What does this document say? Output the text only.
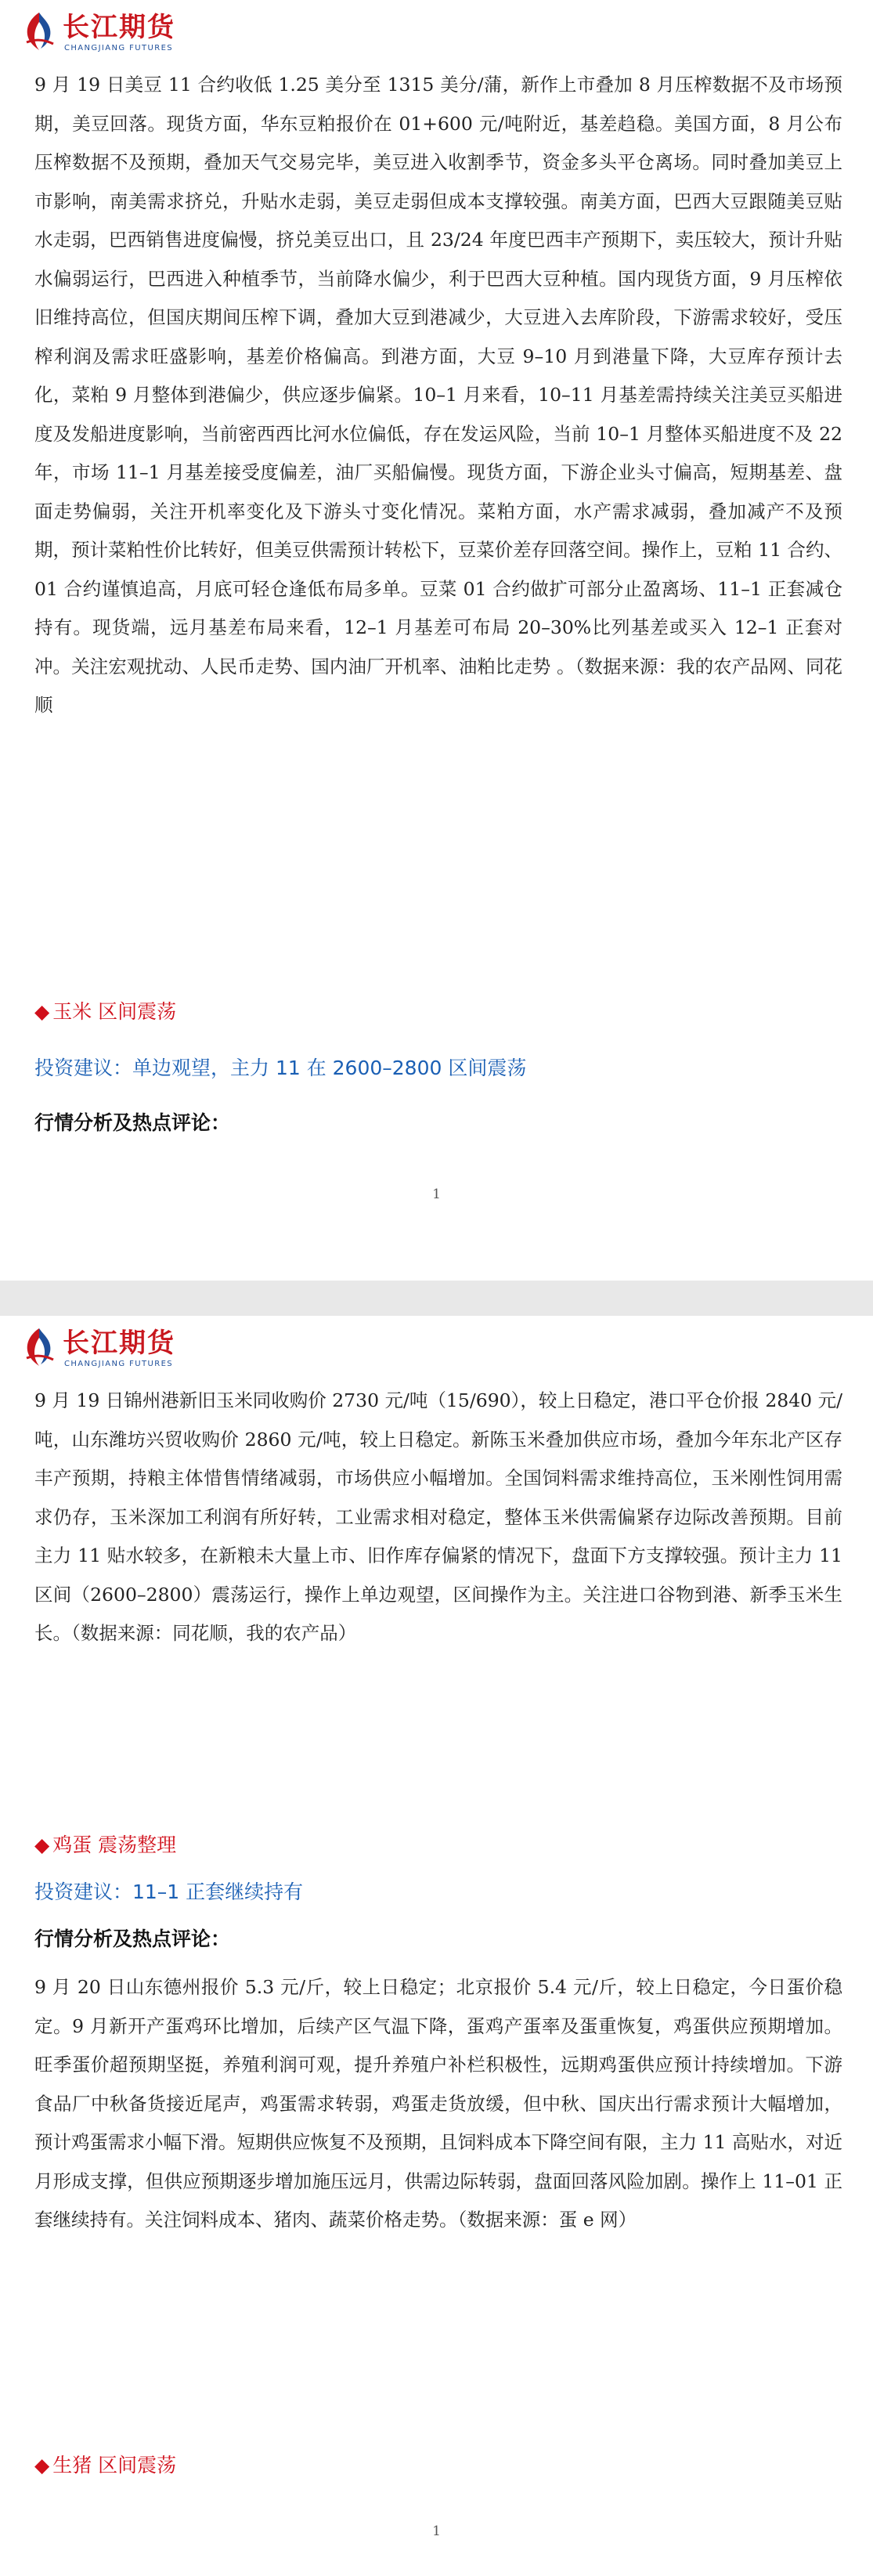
长江期货
CHANGJIANG FUTURES

9 月 19 日美豆 11 合约收低 1.25 美分至 1315 美分/蒲，新作上市叠加 8 月压榨数据不及市场预期，美豆回落。现货方面，华东豆粕报价在 01+600 元/吨附近，基差趋稳。美国方面，8 月公布压榨数据不及预期，叠加天气交易完毕，美豆进入收割季节，资金多头平仓离场。同时叠加美豆上市影响，南美需求挤兑，升贴水走弱，美豆走弱但成本支撑较强。南美方面，巴西大豆跟随美豆贴水走弱，巴西销售进度偏慢，挤兑美豆出口，且 23/24 年度巴西丰产预期下，卖压较大，预计升贴水偏弱运行，巴西进入种植季节，当前降水偏少，利于巴西大豆种植。国内现货方面，9 月压榨依旧维持高位，但国庆期间压榨下调，叠加大豆到港减少，大豆进入去库阶段，下游需求较好，受压榨利润及需求旺盛影响，基差价格偏高。到港方面，大豆 9–10 月到港量下降，大豆库存预计去化，菜粕 9 月整体到港偏少，供应逐步偏紧。10–1 月来看，10–11 月基差需持续关注美豆买船进度及发船进度影响，当前密西西比河水位偏低，存在发运风险，当前 10–1 月整体买船进度不及 22 年，市场 11–1 月基差接受度偏差，油厂买船偏慢。现货方面，下游企业头寸偏高，短期基差、盘面走势偏弱，关注开机率变化及下游头寸变化情况。菜粕方面，水产需求减弱，叠加减产不及预期，预计菜粕性价比转好，但美豆供需预计转松下，豆菜价差存回落空间。操作上，豆粕 11 合约、01 合约谨慎追高，月底可轻仓逢低布局多单。豆菜 01 合约做扩可部分止盈离场、11–1 正套减仓持有。现货端，远月基差布局来看，12–1 月基差可布局 20–30%比列基差或买入 12–1 正套对冲。关注宏观扰动、人民币走势、国内油厂开机率、油粕比走势 。（数据来源：我的农产品网、同花顺

◆ 玉米 区间震荡

投资建议：单边观望，主力 11 在 2600–2800 区间震荡

行情分析及热点评论：

1
长江期货
CHANGJIANG FUTURES

9 月 19 日锦州港新旧玉米同收购价 2730 元/吨（15/690），较上日稳定，港口平仓价报 2840 元/吨，山东潍坊兴贸收购价 2860 元/吨，较上日稳定。新陈玉米叠加供应市场，叠加今年东北产区存丰产预期，持粮主体惜售情绪减弱，市场供应小幅增加。全国饲料需求维持高位，玉米刚性饲用需求仍存，玉米深加工利润有所好转，工业需求相对稳定，整体玉米供需偏紧存边际改善预期。目前主力 11 贴水较多，在新粮未大量上市、旧作库存偏紧的情况下，盘面下方支撑较强。预计主力 11 区间（2600–2800）震荡运行，操作上单边观望，区间操作为主。关注进口谷物到港、新季玉米生长。（数据来源：同花顺，我的农产品）

◆ 鸡蛋 震荡整理

投资建议：11–1 正套继续持有

行情分析及热点评论：

9 月 20 日山东德州报价 5.3 元/斤，较上日稳定；北京报价 5.4 元/斤，较上日稳定，今日蛋价稳定。9 月新开产蛋鸡环比增加，后续产区气温下降，蛋鸡产蛋率及蛋重恢复，鸡蛋供应预期增加。旺季蛋价超预期坚挺，养殖利润可观，提升养殖户补栏积极性，远期鸡蛋供应预计持续增加。下游食品厂中秋备货接近尾声，鸡蛋需求转弱，鸡蛋走货放缓，但中秋、国庆出行需求预计大幅增加，预计鸡蛋需求小幅下滑。短期供应恢复不及预期，且饲料成本下降空间有限，主力 11 高贴水，对近月形成支撑，但供应预期逐步增加施压远月，供需边际转弱，盘面回落风险加剧。操作上 11–01 正套继续持有。关注饲料成本、猪肉、蔬菜价格走势。（数据来源：蛋 e 网）

◆ 生猪 区间震荡

1
